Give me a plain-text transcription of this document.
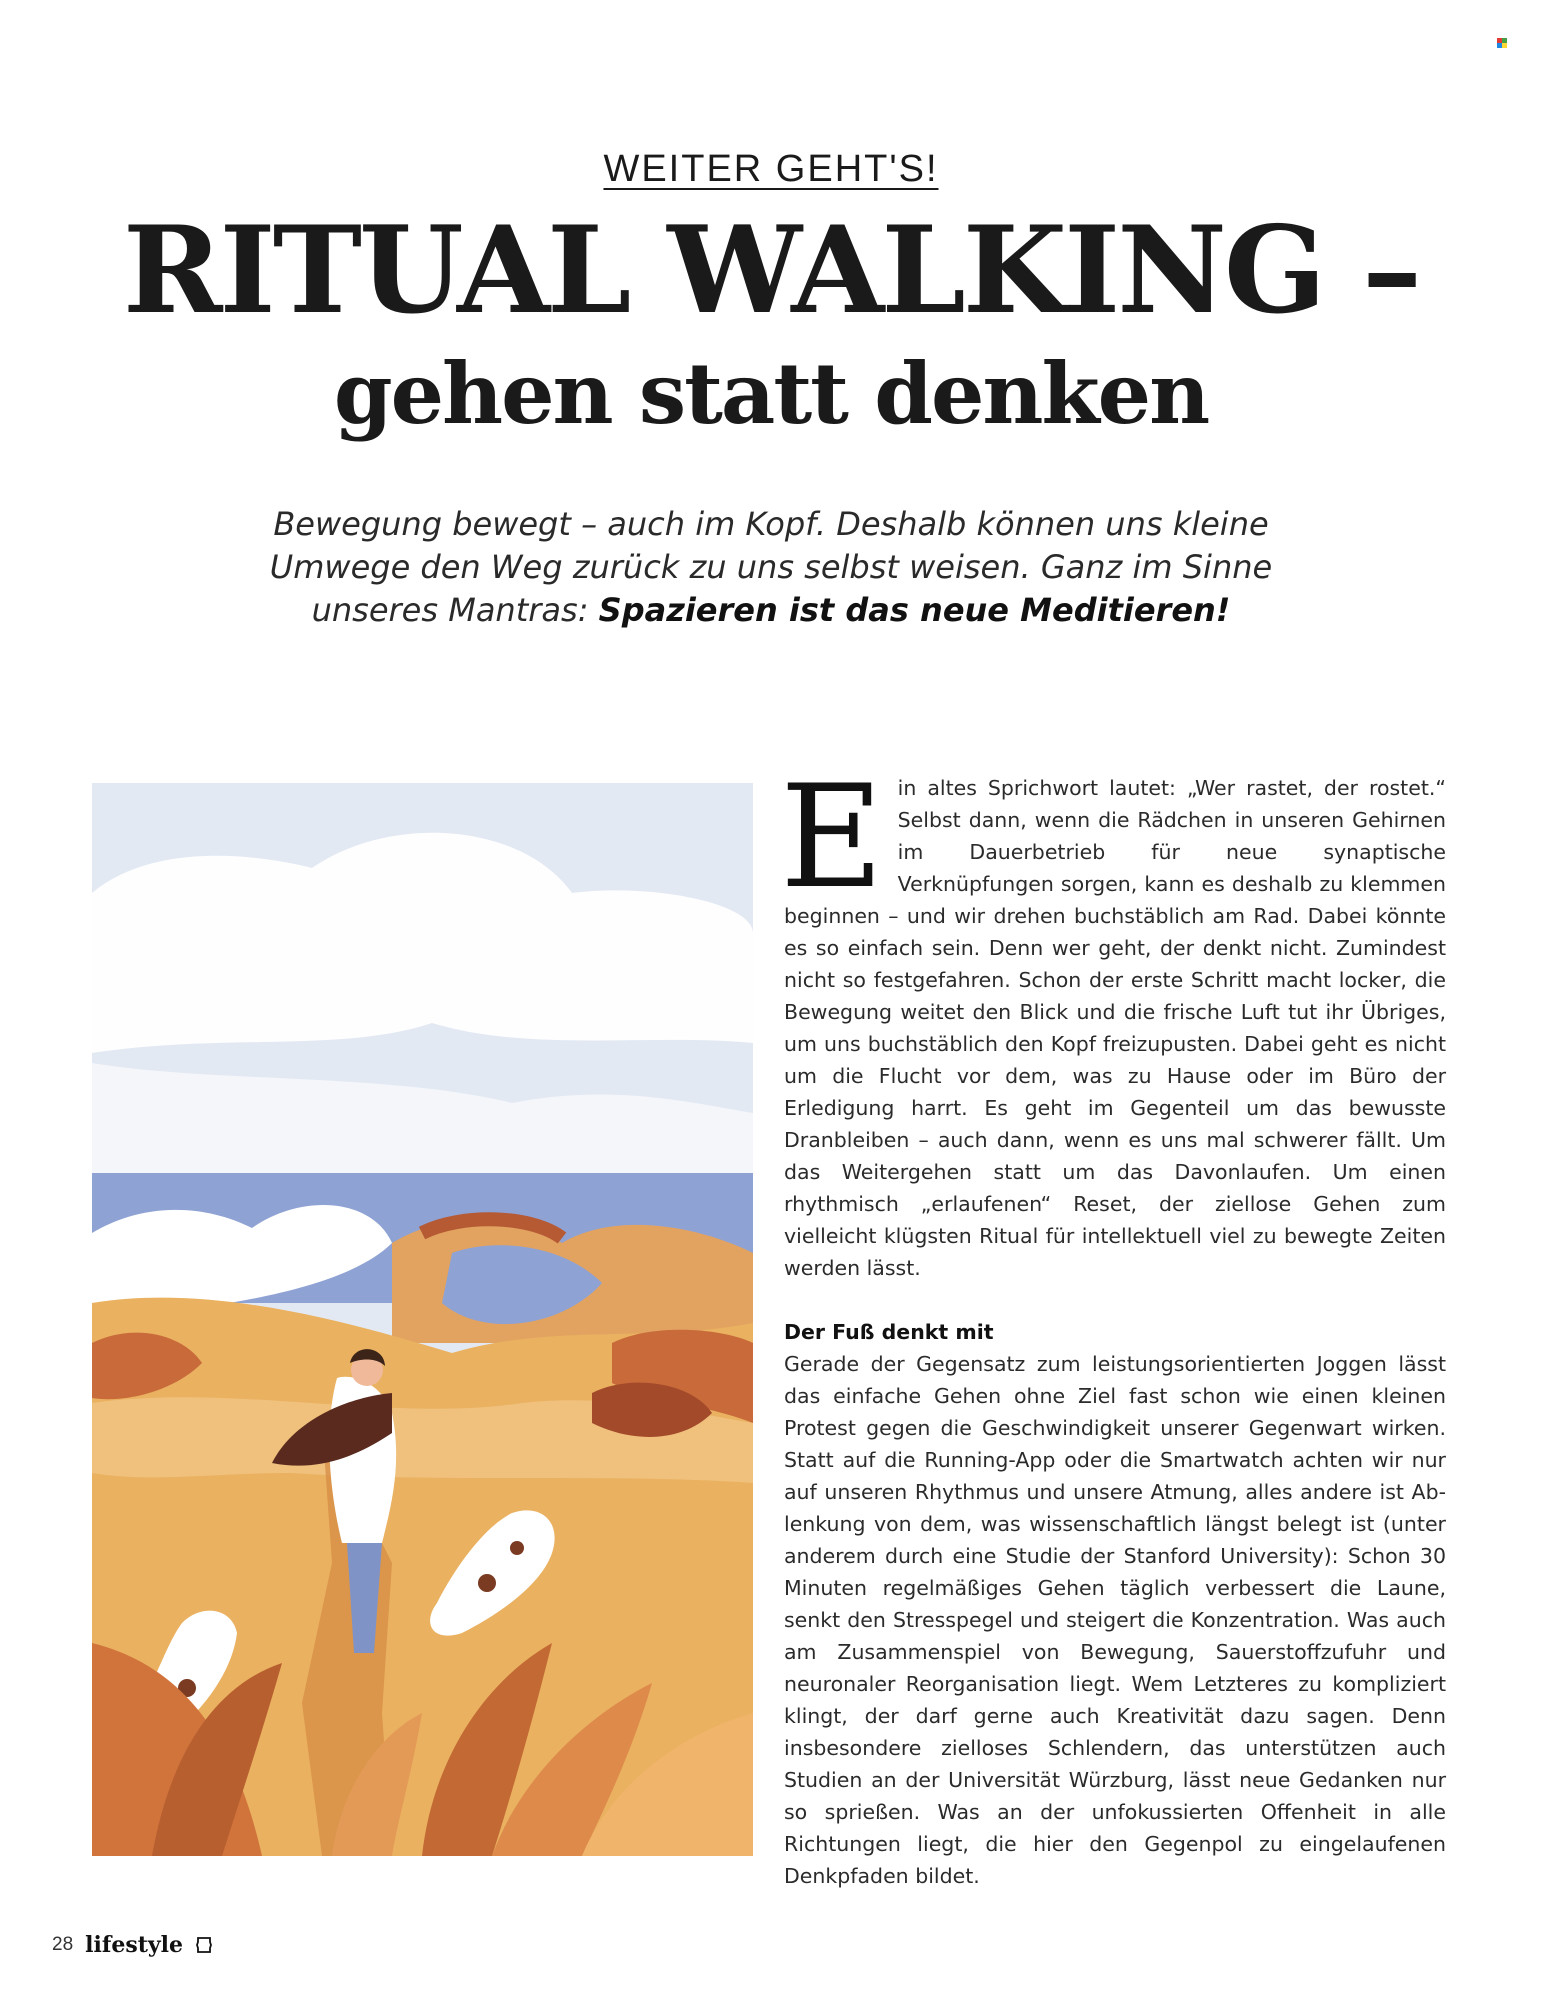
WEITER GEHT'S!
RITUAL WALKING –
gehen statt denken
Bewegung bewegt – auch im Kopf. Deshalb können uns kleine Umwege den Weg zurück zu uns selbst weisen. Ganz im Sinne unseres Mantras: Spazieren ist das neue Meditieren!

Ein altes Sprichwort lautet: „Wer rastet, der rostet.“ Selbst dann, wenn die Rädchen in unseren Gehirnen im Dauerbetrieb für neue synaptische Verknüpfungen sorgen, kann es deshalb zu klemmen beginnen – und wir drehen buchstäblich am Rad. Dabei könnte es so einfach sein. Denn wer geht, der denkt nicht. Zumindest nicht so festgefahren. Schon der erste Schritt macht locker, die Bewegung weitet den Blick und die frische Luft tut ihr Übriges, um uns buchstäblich den Kopf freizupusten. Dabei geht es nicht um die Flucht vor dem, was zu Hause oder im Büro der Erledigung harrt. Es geht im Gegenteil um das bewusste Dranbleiben – auch dann, wenn es uns mal schwerer fällt. Um das Weitergehen statt um das Davonlaufen. Um einen rhythmisch „erlaufenen“ Reset, der ziellose Gehen zum vielleicht klügsten Ritual für intellektuell viel zu bewegte Zeiten werden lässt.

Der Fuß denkt mit

Gerade der Gegensatz zum leistungsorientierten Joggen lässt das einfache Gehen ohne Ziel fast schon wie einen kleinen Protest gegen die Geschwindigkeit unserer Gegenwart wirken. Statt auf die Running-App oder die Smartwatch achten wir nur auf unseren Rhythmus und unsere Atmung, alles andere ist Ablenkung von dem, was wissenschaftlich längst belegt ist (unter anderem durch eine Studie der Stanford University): Schon 30 Minuten regelmäßiges Gehen täglich verbessert die Laune, senkt den Stresspegel und steigert die Konzentration. Was auch am Zusammenspiel von Bewegung, Sauerstoffzufuhr und neuronaler Reorganisation liegt. Wem Letzteres zu kompliziert klingt, der darf gerne auch Kreativität dazu sagen. Denn insbesondere zielloses Schlendern, das unterstützen auch Studien an der Universität Würzburg, lässt neue Gedanken nur so sprießen. Was an der unfokussierten Offenheit in alle Richtungen liegt, die hier den Gegenpol zu eingelaufenen Denkpfaden bildet.

28 lifestyle
